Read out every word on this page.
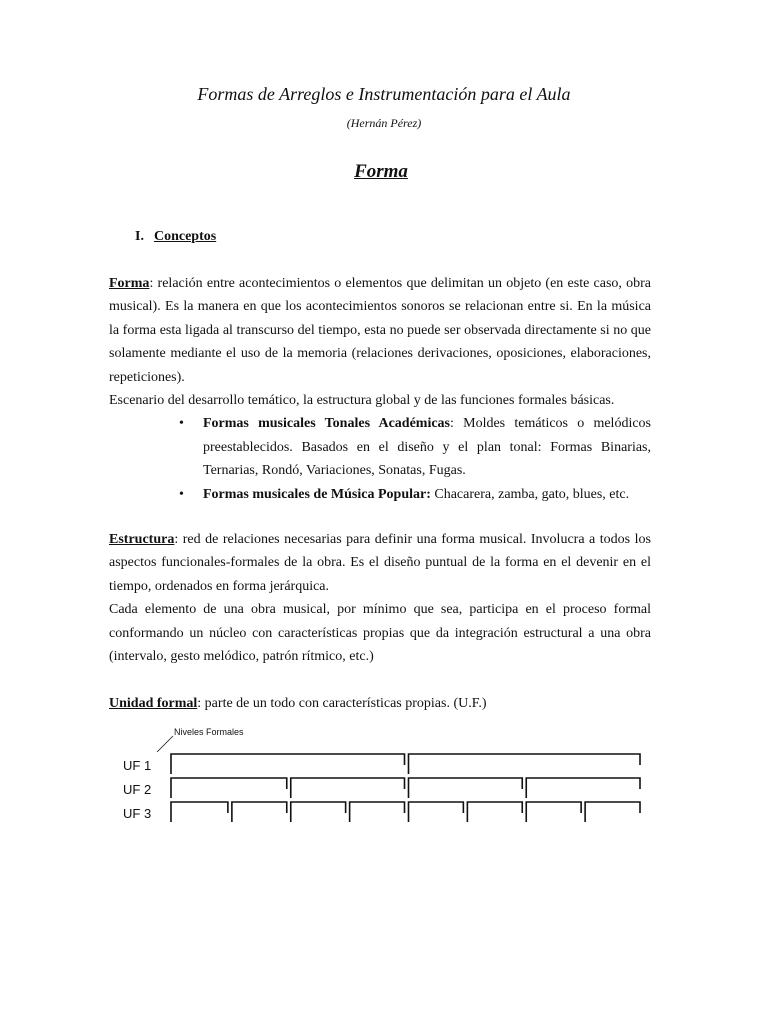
Formas de Arreglos e Instrumentación para el Aula
(Hernán Pérez)
Forma
I. Conceptos

Forma: relación entre acontecimientos o elementos que delimitan un objeto (en este caso, obra musical). Es la manera en que los acontecimientos sonoros se relacionan entre si. En la música la forma esta ligada al transcurso del tiempo, esta no puede ser observada directamente si no que solamente mediante el uso de la memoria (relaciones derivaciones, oposiciones, elaboraciones, repeticiones).

Escenario del desarrollo temático, la estructura global y de las funciones formales básicas.

• Formas musicales Tonales Académicas: Moldes temáticos o melódicos preestablecidos. Basados en el diseño y el plan tonal: Formas Binarias, Ternarias, Rondó, Variaciones, Sonatas, Fugas.
• Formas musicales de Música Popular: Chacarera, zamba, gato, blues, etc.

Estructura: red de relaciones necesarias para definir una forma musical. Involucra a todos los aspectos funcionales-formales de la obra. Es el diseño puntual de la forma en el devenir en el tiempo, ordenados en forma jerárquica.

Cada elemento de una obra musical, por mínimo que sea, participa en el proceso formal conformando un núcleo con características propias que da integración estructural a una obra (intervalo, gesto melódico, patrón rítmico, etc.)

Unidad formal: parte de un todo con características propias. (U.F.)

Niveles Formales
UF 1
UF 2
UF 3
